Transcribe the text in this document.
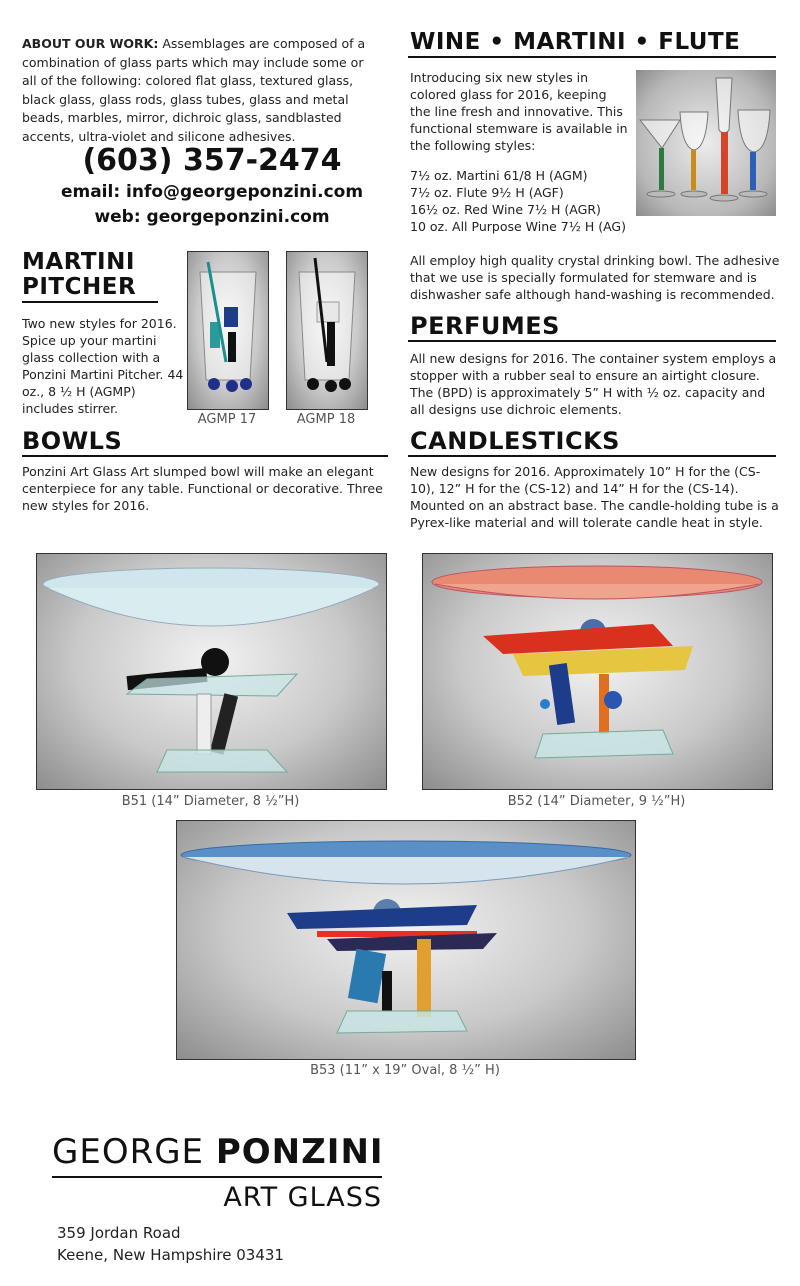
ABOUT OUR WORK: Assemblages are composed of a combination of glass parts which may include some or all of the following: colored flat glass, textured glass, black glass, glass rods, glass tubes, glass and metal beads, marbles, mirror, dichroic glass, sandblasted accents, ultra-violet and silicone adhesives.
(603) 357-2474
email: info@georgeponzini.com
web: georgeponzini.com
WINE • MARTINI • FLUTE
Introducing six new styles in colored glass for 2016, keeping the line fresh and innovative. This functional stemware is available in the following styles:
7½ oz. Martini 61/8 H (AGM)
7½ oz. Flute 9½ H (AGF)
16½ oz. Red Wine 7½ H (AGR)
10 oz. All Purpose Wine 7½ H (AG)
All employ high quality crystal drinking bowl. The adhesive that we use is specially formulated for stemware and is dishwasher safe although hand-washing is recommended.
MARTINI
PITCHER
Two new styles for 2016. Spice up your martini glass collection with a Ponzini Martini Pitcher. 44 oz., 8 ½ H (AGMP) includes stirrer.
AGMP 17	AGMP 18
PERFUMES
All new designs for 2016. The container system employs a stopper with a rubber seal to ensure an airtight closure. The (BPD) is approximately 5” H with ½ oz. capacity and all designs use dichroic elements.
BOWLS
Ponzini Art Glass Art slumped bowl will make an elegant centerpiece for any table. Functional or decorative. Three new styles for 2016.
CANDLESTICKS
New designs for 2016. Approximately 10” H for the (CS-10), 12” H for the (CS-12) and 14” H for the (CS-14). Mounted on an abstract base. The candle-holding tube is a Pyrex-like material and will tolerate candle heat in style.
B51 (14” Diameter, 8 ½”H)	B52 (14” Diameter, 9 ½”H)
B53 (11” x 19” Oval, 8 ½” H)
GEORGE PONZINI
ART GLASS
359 Jordan Road
Keene, New Hampshire 03431
